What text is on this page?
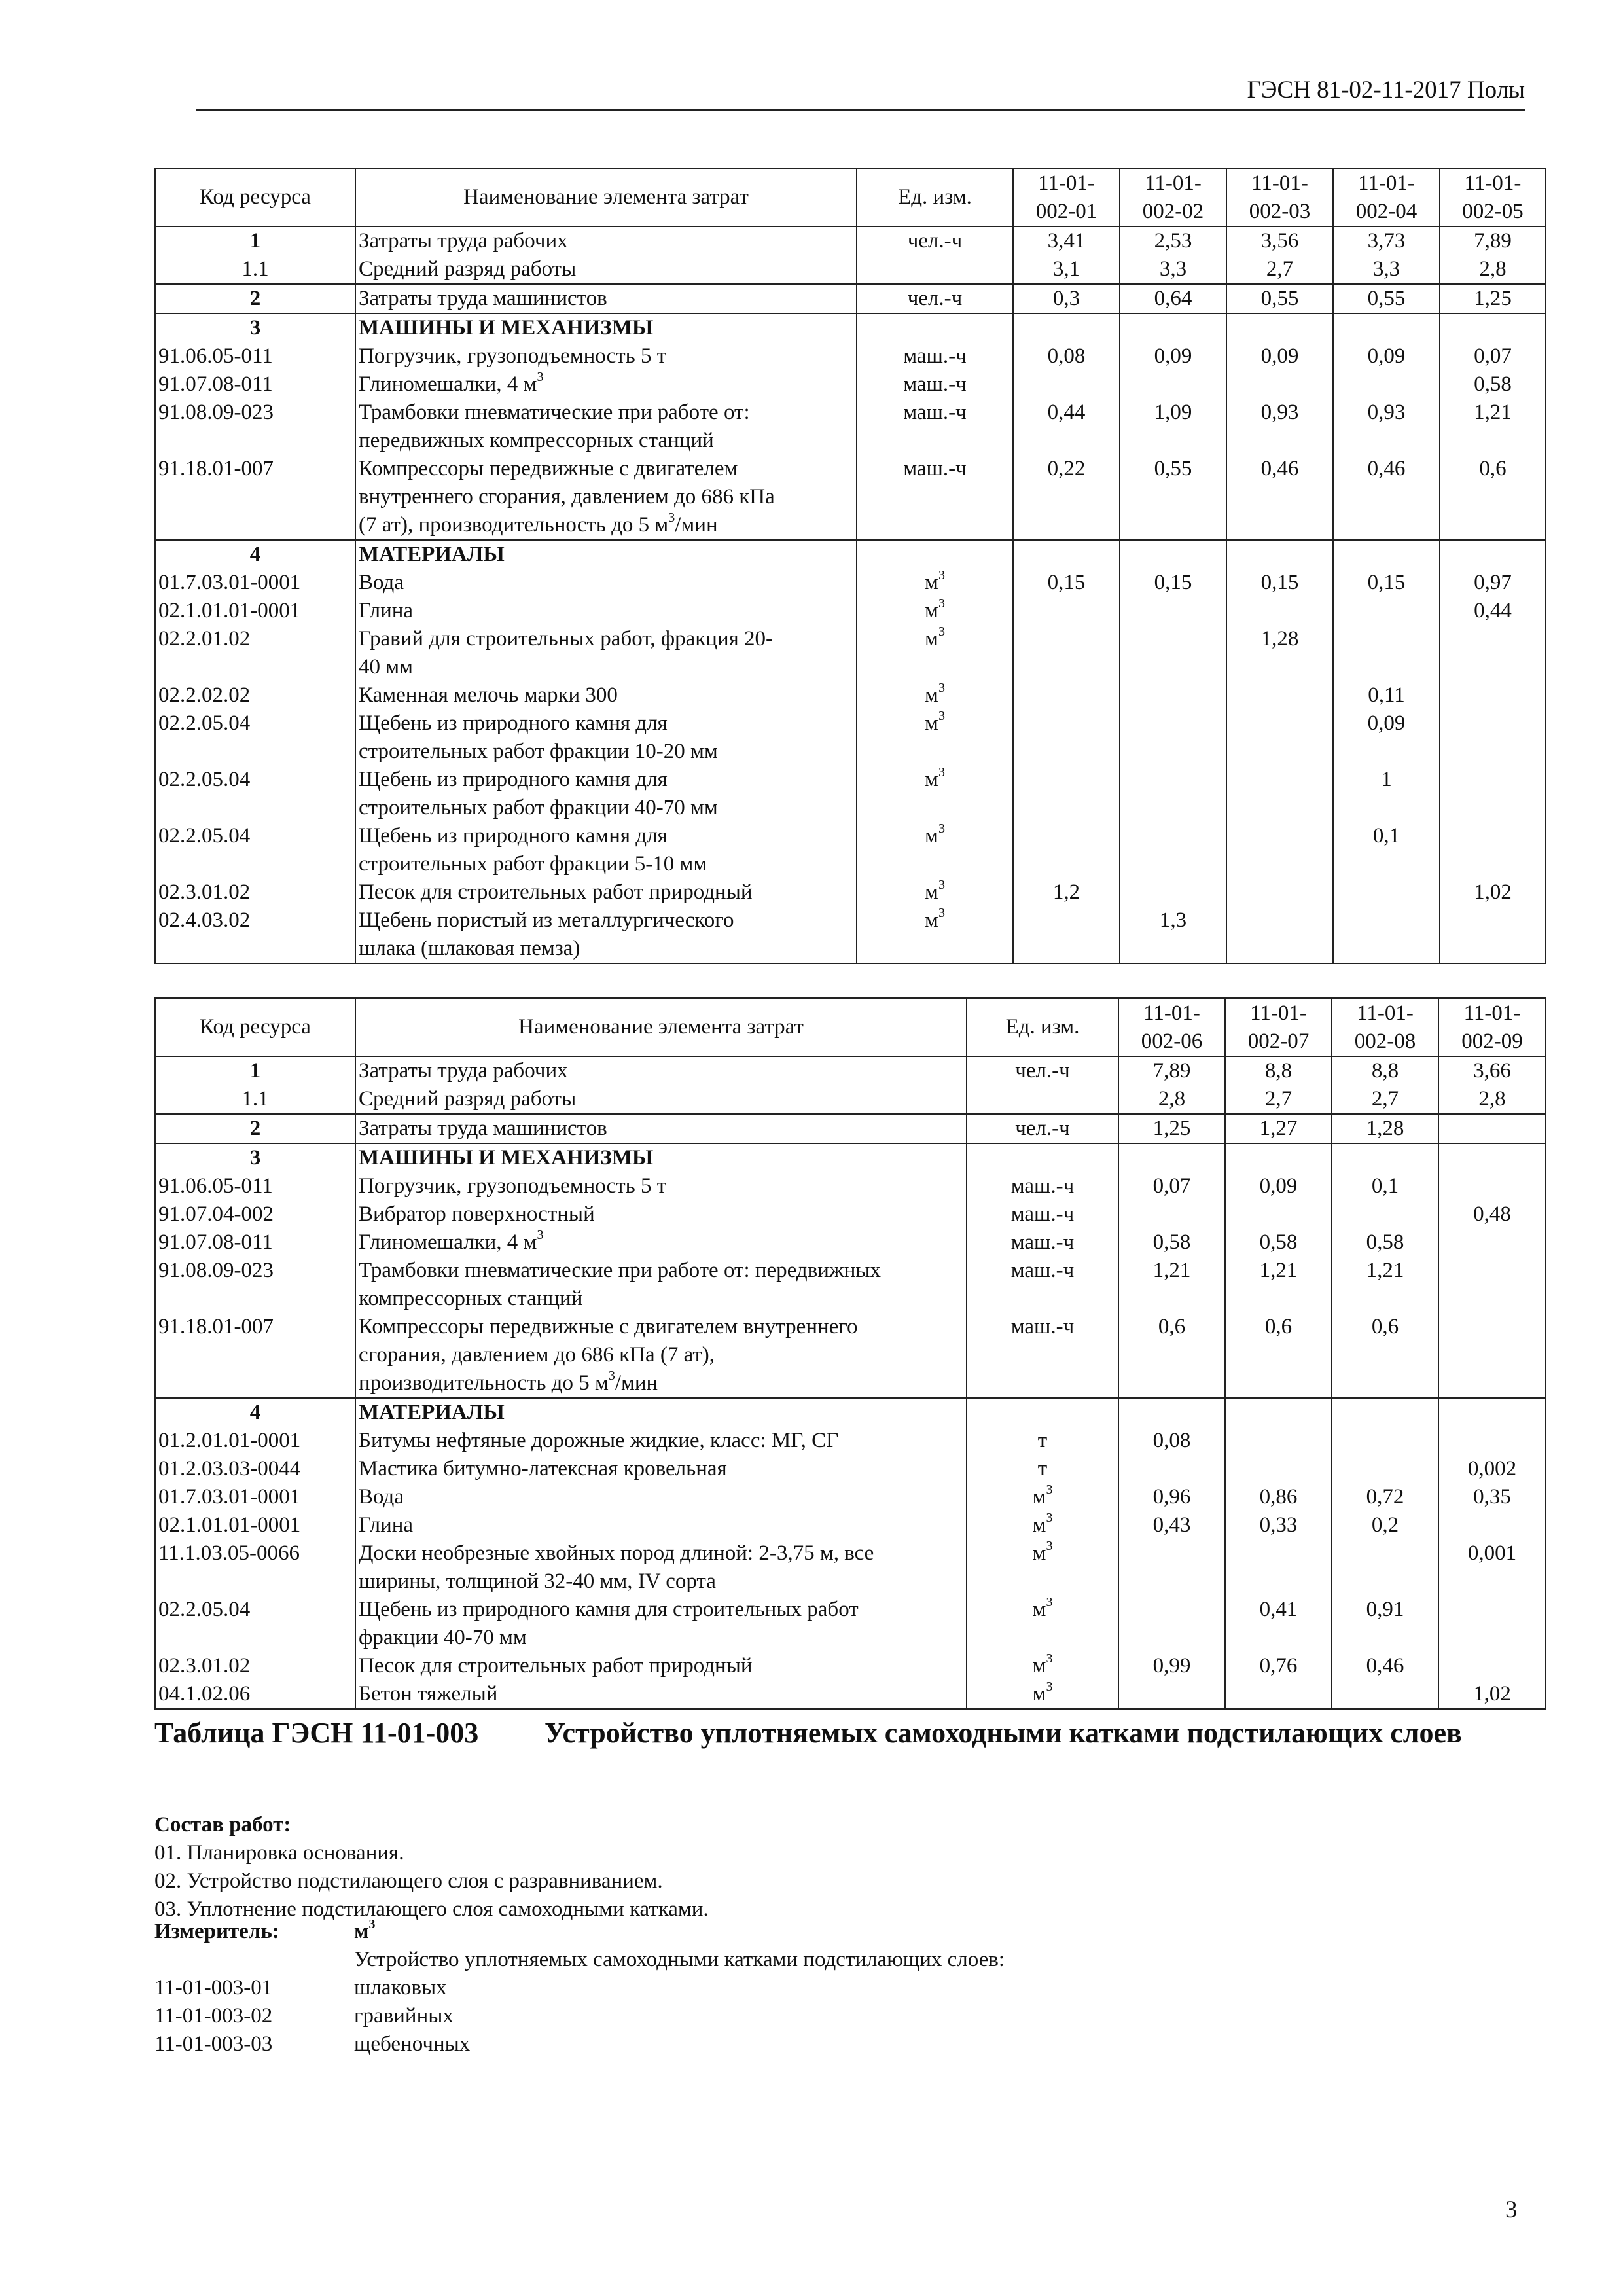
ГЭСН 81-02-11-2017 Полы
Код ресурса	Наименование элемента затрат	Ед. изм.	11-01-002-01	11-01-002-02	11-01-002-03	11-01-002-04	11-01-002-05
1	Затраты труда рабочих	чел.-ч	3,41	2,53	3,56	3,73	7,89
1.1	Средний разряд работы		3,1	3,3	2,7	3,3	2,8
2	Затраты труда машинистов	чел.-ч	0,3	0,64	0,55	0,55	1,25
3	МАШИНЫ И МЕХАНИЗМЫ						
91.06.05-011	Погрузчик, грузоподъемность 5 т	маш.-ч	0,08	0,09	0,09	0,09	0,07
91.07.08-011	Глиномешалки, 4 $м^3$	маш.-ч					0,58
91.08.09-023	Трамбовки пневматические при работе от:
передвижных компрессорных станций	маш.-ч	0,44	1,09	0,93	0,93	1,21
91.18.01-007	Компрессоры передвижные с двигателем
внутреннего сгорания, давлением до 686 кПа
(7 ат), производительность до 5 $м^3$/мин	маш.-ч	0,22	0,55	0,46	0,46	0,6
4	МАТЕРИАЛЫ						
01.7.03.01-0001	Вода	$м^3$	0,15	0,15	0,15	0,15	0,97
02.1.01.01-0001	Глина	$м^3$					0,44
02.2.01.02	Гравий для строительных работ, фракция 20-
40 мм	$м^3$			1,28		
02.2.02.02	Каменная мелочь марки 300	$м^3$				0,11	
02.2.05.04	Щебень из природного камня для
строительных работ фракции 10-20 мм	$м^3$				0,09	
02.2.05.04	Щебень из природного камня для
строительных работ фракции 40-70 мм	$м^3$				1	
02.2.05.04	Щебень из природного камня для
строительных работ фракции 5-10 мм	$м^3$				0,1	
02.3.01.02	Песок для строительных работ природный	$м^3$	1,2				1,02
02.4.03.02	Щебень пористый из металлургического
шлака (шлаковая пемза)	$м^3$		1,3			
Код ресурса	Наименование элемента затрат	Ед. изм.	11-01-002-06	11-01-002-07	11-01-002-08	11-01-002-09
1	Затраты труда рабочих	чел.-ч	7,89	8,8	8,8	3,66
1.1	Средний разряд работы		2,8	2,7	2,7	2,8
2	Затраты труда машинистов	чел.-ч	1,25	1,27	1,28	
3	МАШИНЫ И МЕХАНИЗМЫ					
91.06.05-011	Погрузчик, грузоподъемность 5 т	маш.-ч	0,07	0,09	0,1	
91.07.04-002	Вибратор поверхностный	маш.-ч				0,48
91.07.08-011	Глиномешалки, 4 $м^3$	маш.-ч	0,58	0,58	0,58	
91.08.09-023	Трамбовки пневматические при работе от: передвижных
компрессорных станций	маш.-ч	1,21	1,21	1,21	
91.18.01-007	Компрессоры передвижные с двигателем внутреннего
сгорания, давлением до 686 кПа (7 ат),
производительность до 5 $м^3$/мин	маш.-ч	0,6	0,6	0,6	
4	МАТЕРИАЛЫ					
01.2.01.01-0001	Битумы нефтяные дорожные жидкие, класс: МГ, СГ	т	0,08			
01.2.03.03-0044	Мастика битумно-латексная кровельная	т				0,002
01.7.03.01-0001	Вода	$м^3$	0,96	0,86	0,72	0,35
02.1.01.01-0001	Глина	$м^3$	0,43	0,33	0,2	
11.1.03.05-0066	Доски необрезные хвойных пород длиной: 2-3,75 м, все
ширины, толщиной 32-40 мм, IV сорта	$м^3$				0,001
02.2.05.04	Щебень из природного камня для строительных работ
фракции 40-70 мм	$м^3$		0,41	0,91	
02.3.01.02	Песок для строительных работ природный	$м^3$	0,99	0,76	0,46	
04.1.02.06	Бетон тяжелый	$м^3$				1,02
Таблица ГЭСН 11-01-003 Устройство уплотняемых самоходными катками подстилающих слоев
Состав работ:
01. Планировка основания.
02. Устройство подстилающего слоя с разравниванием.
03. Уплотнение подстилающего слоя самоходными катками.
Измеритель:	$м^3$
Устройство уплотняемых самоходными катками подстилающих слоев:
11-01-003-01	шлаковых
11-01-003-02	гравийных
11-01-003-03	щебеночных
3
